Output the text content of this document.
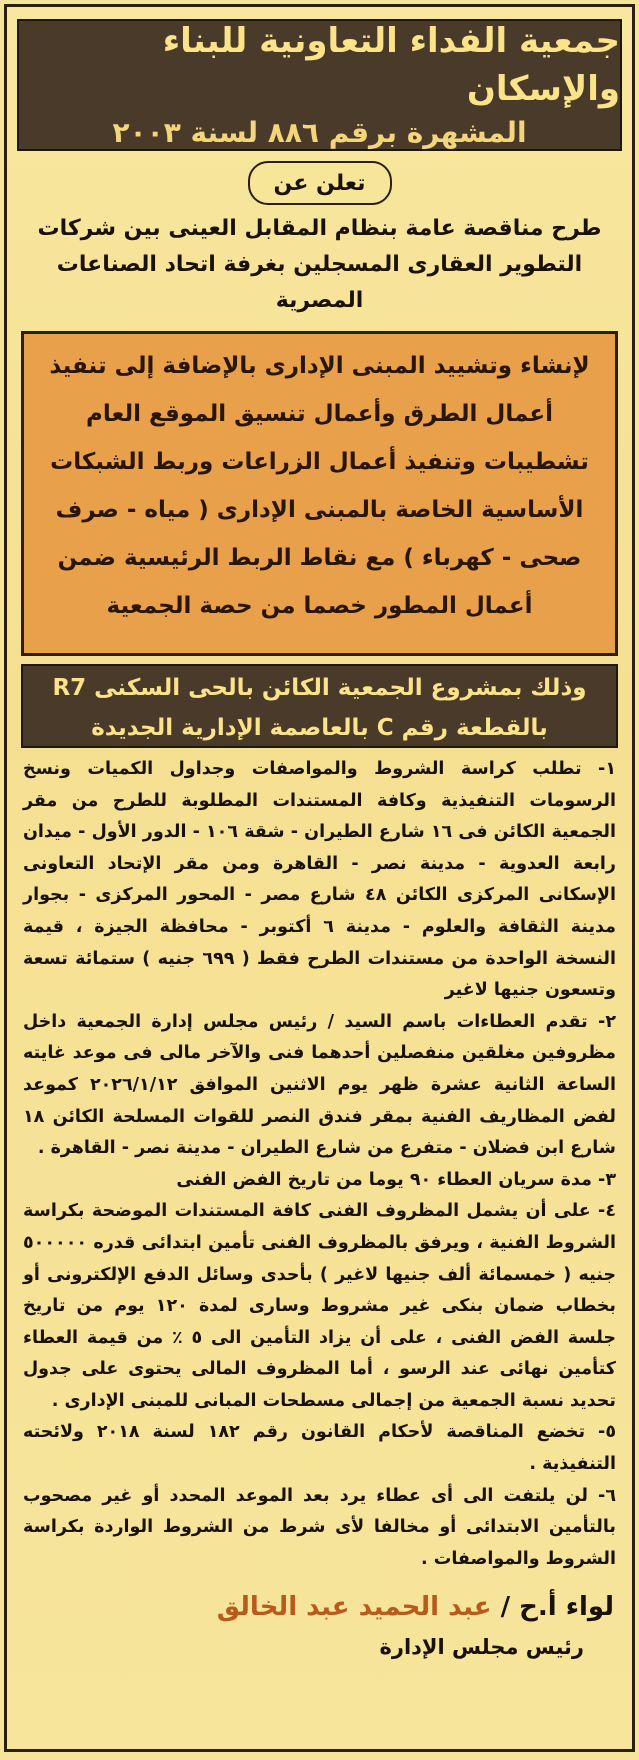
جمعية الفداء التعاونية للبناء والإسكان
المشهرة برقم ٨٨٦ لسنة ٢٠٠٣
تعلن عن
طرح مناقصة عامة بنظام المقابل العينى بين شركات التطوير العقارى المسجلين بغرفة اتحاد الصناعات المصرية
لإنشاء وتشييد المبنى الإدارى بالإضافة إلى تنفيذ أعمال الطرق وأعمال تنسيق الموقع العام تشطيبات وتنفيذ أعمال الزراعات وربط الشبكات الأساسية الخاصة بالمبنى الإدارى ( مياه - صرف صحى - كهرباء ) مع نقاط الربط الرئيسية ضمن أعمال المطور خصما من حصة الجمعية
وذلك بمشروع الجمعية الكائن بالحى السكنى R7 بالقطعة رقم C بالعاصمة الإدارية الجديدة

١- تطلب كراسة الشروط والمواصفات وجداول الكميات ونسخ الرسومات التنفيذية وكافة المستندات المطلوبة للطرح من مقر الجمعية الكائن فى ١٦ شارع الطيران - شقة ١٠٦ - الدور الأول - ميدان رابعة العدوية - مدينة نصر - القاهرة ومن مقر الإتحاد التعاونى الإسكانى المركزى الكائن ٤٨ شارع مصر - المحور المركزى - بجوار مدينة الثقافة والعلوم - مدينة ٦ أكتوبر - محافظة الجيزة ، قيمة النسخة الواحدة من مستندات الطرح فقط ( ٦٩٩ جنيه ) ستمائة تسعة وتسعون جنيها لاغير

٢- تقدم العطاءات باسم السيد / رئيس مجلس إدارة الجمعية داخل مظروفين مغلقين منفصلين أحدهما فنى والآخر مالى فى موعد غايته الساعة الثانية عشرة ظهر يوم الاثنين الموافق ٢٠٢٦/١/١٢ كموعد لفض المظاريف الفنية بمقر فندق النصر للقوات المسلحة الكائن ١٨ شارع ابن فضلان - متفرع من شارع الطيران - مدينة نصر - القاهرة .

٣- مدة سريان العطاء ٩٠ يوما من تاريخ الفض الفنى

٤- على أن يشمل المظروف الفنى كافة المستندات الموضحة بكراسة الشروط الفنية ، ويرفق بالمظروف الفنى تأمين ابتدائى قدره ٥٠٠٠٠٠ جنيه ( خمسمائة ألف جنيها لاغير ) بأحدى وسائل الدفع الإلكترونى أو بخطاب ضمان بنكى غير مشروط وسارى لمدة ١٢٠ يوم من تاريخ جلسة الفض الفنى ، على أن يزاد التأمين الى ٥ ٪ من قيمة العطاء كتأمين نهائى عند الرسو ، أما المظروف المالى يحتوى على جدول تحديد نسبة الجمعية من إجمالى مسطحات المبانى للمبنى الإدارى .

٥- تخضع المناقصة لأحكام القانون رقم ١٨٢ لسنة ٢٠١٨ ولائحته التنفيذية .

٦- لن يلتفت الى أى عطاء يرد بعد الموعد المحدد أو غير مصحوب بالتأمين الابتدائى أو مخالفا لأى شرط من الشروط الواردة بكراسة الشروط والمواصفات .

لواء أ.ح / عبد الحميد عبد الخالق
رئيس مجلس الإدارة
